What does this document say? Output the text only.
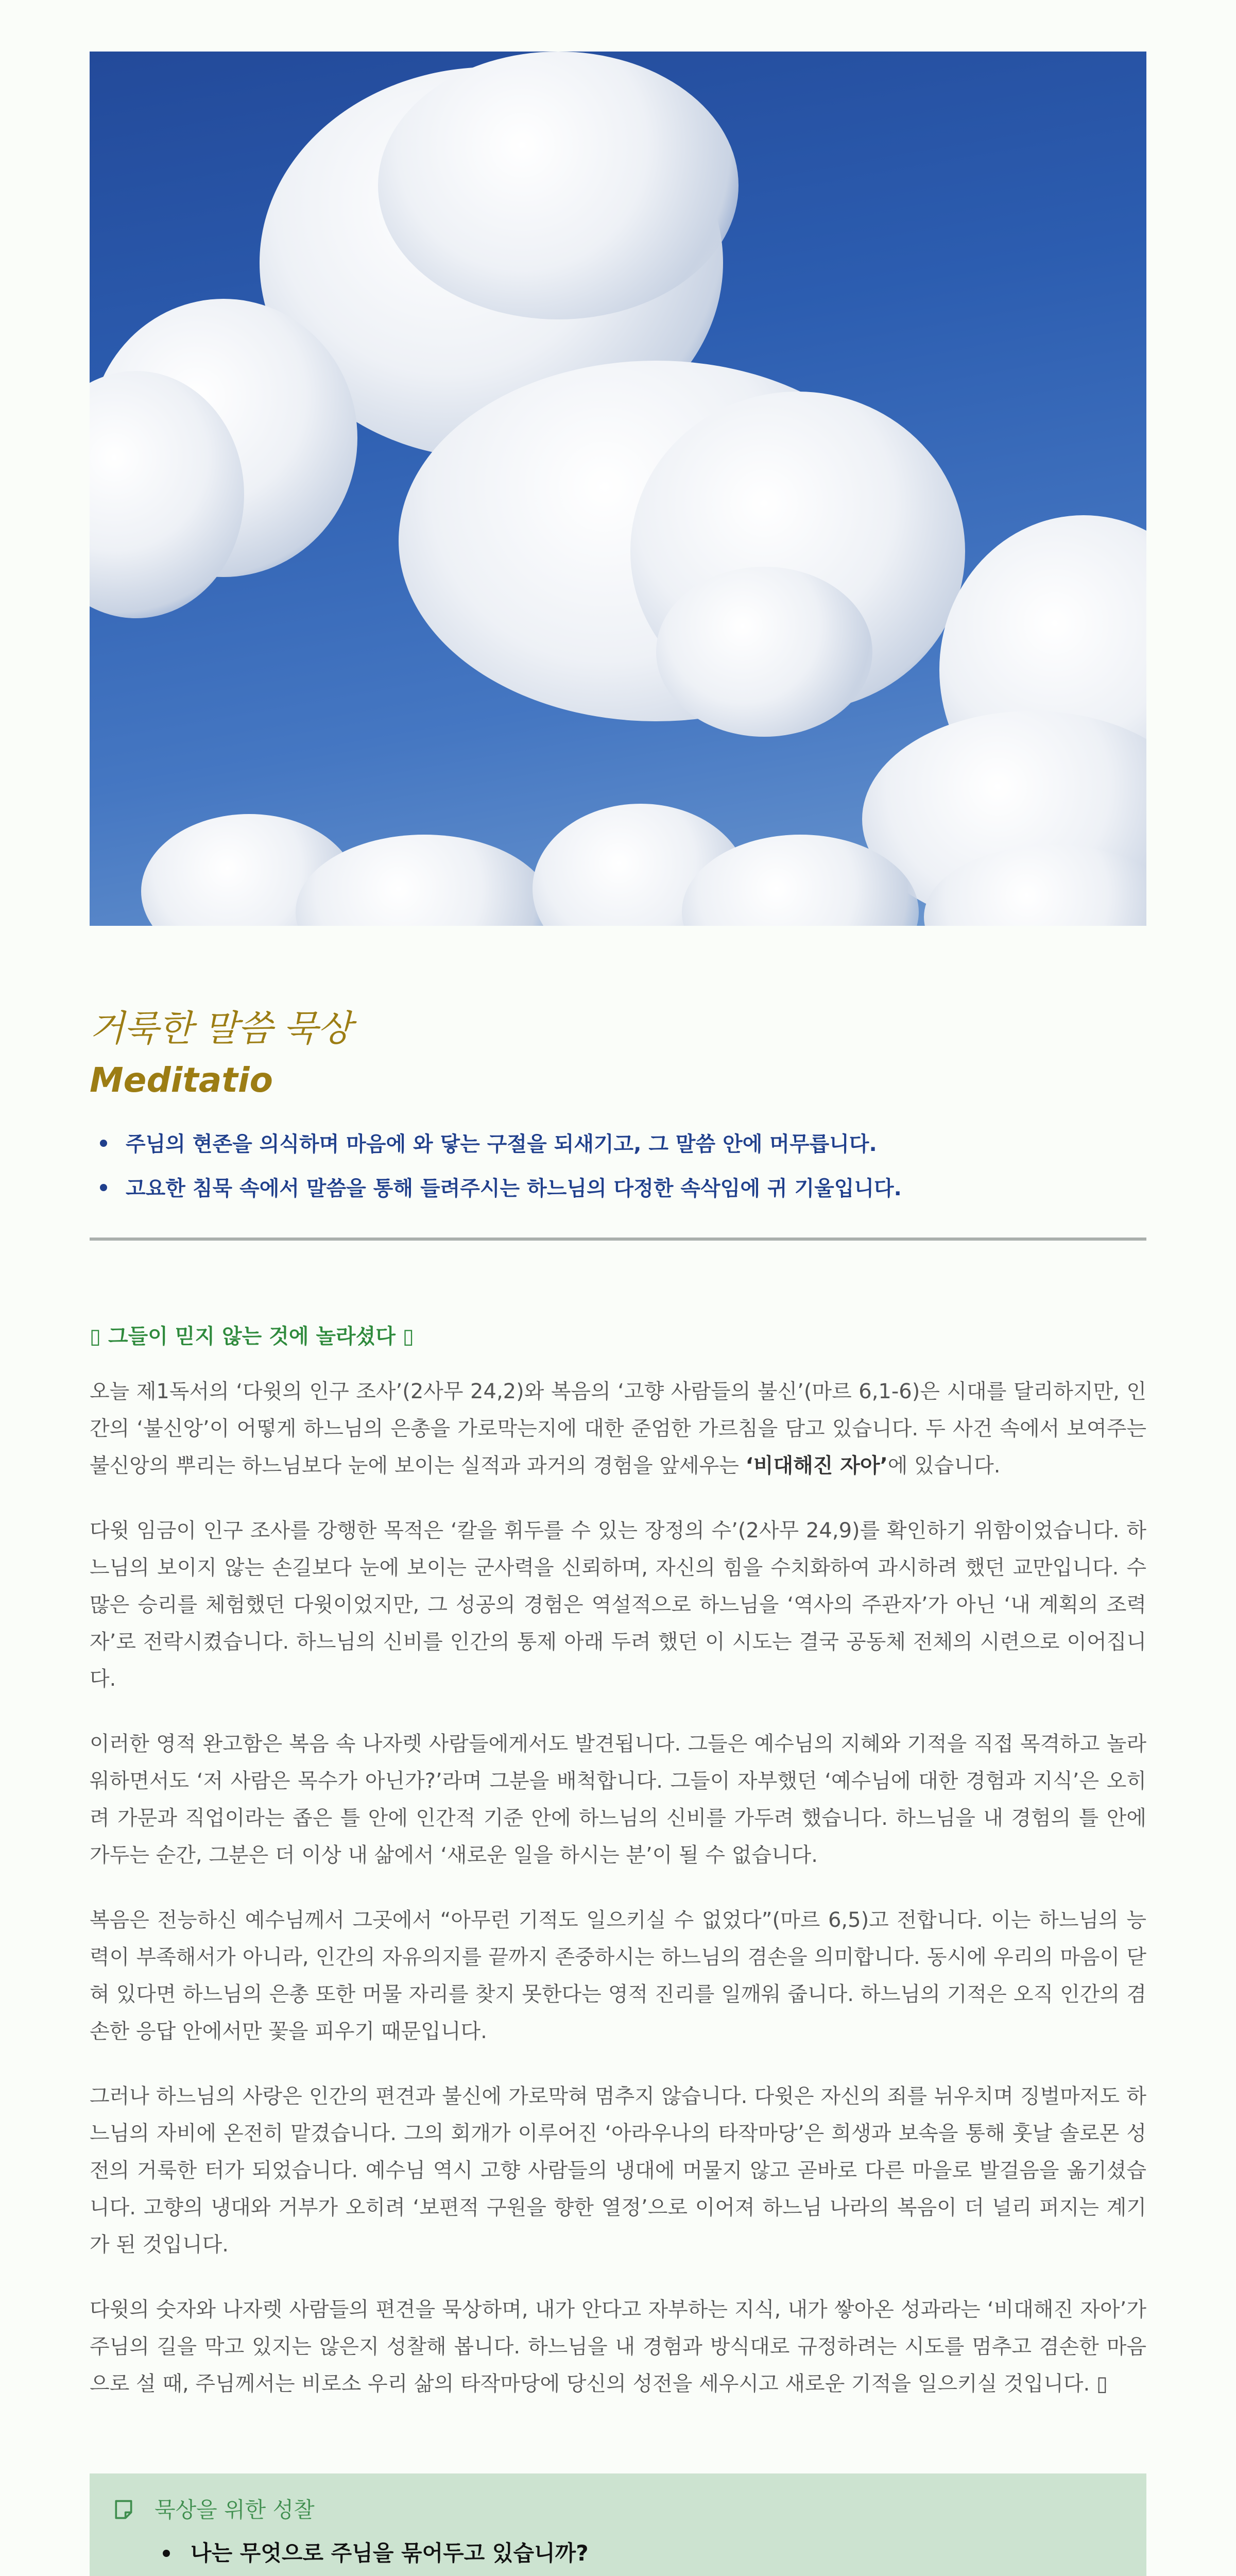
거룩한 말씀 묵상
Meditatio
주님의 현존을 의식하며 마음에 와 닿는 구절을 되새기고, 그 말씀 안에 머무릅니다.
고요한 침묵 속에서 말씀을 통해 들려주시는 하느님의 다정한 속삭임에 귀 기울입니다.
▯ 그들이 믿지 않는 것에 놀라셨다 ▯

오늘 제1독서의 ‘다윗의 인구 조사’(2사무 24,2)와 복음의 ‘고향 사람들의 불신’(마르 6,1-6)은 시대를 달리하지만, 인간의 ‘불신앙’이 어떻게 하느님의 은총을 가로막는지에 대한 준엄한 가르침을 담고 있습니다. 두 사건 속에서 보여주는 불신앙의 뿌리는 하느님보다 눈에 보이는 실적과 과거의 경험을 앞세우는 ‘비대해진 자아’에 있습니다.

다윗 임금이 인구 조사를 강행한 목적은 ‘칼을 휘두를 수 있는 장정의 수’(2사무 24,9)를 확인하기 위함이었습니다. 하느님의 보이지 않는 손길보다 눈에 보이는 군사력을 신뢰하며, 자신의 힘을 수치화하여 과시하려 했던 교만입니다. 수많은 승리를 체험했던 다윗이었지만, 그 성공의 경험은 역설적으로 하느님을 ‘역사의 주관자’가 아닌 ‘내 계획의 조력자’로 전락시켰습니다. 하느님의 신비를 인간의 통제 아래 두려 했던 이 시도는 결국 공동체 전체의 시련으로 이어집니다.

이러한 영적 완고함은 복음 속 나자렛 사람들에게서도 발견됩니다. 그들은 예수님의 지혜와 기적을 직접 목격하고 놀라워하면서도 ‘저 사람은 목수가 아닌가?’라며 그분을 배척합니다. 그들이 자부했던 ‘예수님에 대한 경험과 지식’은 오히려 가문과 직업이라는 좁은 틀 안에 인간적 기준 안에 하느님의 신비를 가두려 했습니다. 하느님을 내 경험의 틀 안에 가두는 순간, 그분은 더 이상 내 삶에서 ‘새로운 일을 하시는 분’이 될 수 없습니다.

복음은 전능하신 예수님께서 그곳에서 “아무런 기적도 일으키실 수 없었다”(마르 6,5)고 전합니다. 이는 하느님의 능력이 부족해서가 아니라, 인간의 자유의지를 끝까지 존중하시는 하느님의 겸손을 의미합니다. 동시에 우리의 마음이 닫혀 있다면 하느님의 은총 또한 머물 자리를 찾지 못한다는 영적 진리를 일깨워 줍니다. 하느님의 기적은 오직 인간의 겸손한 응답 안에서만 꽃을 피우기 때문입니다.

그러나 하느님의 사랑은 인간의 편견과 불신에 가로막혀 멈추지 않습니다. 다윗은 자신의 죄를 뉘우치며 징벌마저도 하느님의 자비에 온전히 맡겼습니다. 그의 회개가 이루어진 ‘아라우나의 타작마당’은 희생과 보속을 통해 훗날 솔로몬 성전의 거룩한 터가 되었습니다. 예수님 역시 고향 사람들의 냉대에 머물지 않고 곧바로 다른 마을로 발걸음을 옮기셨습니다. 고향의 냉대와 거부가 오히려 ‘보편적 구원을 향한 열정’으로 이어져 하느님 나라의 복음이 더 널리 퍼지는 계기가 된 것입니다.

다윗의 숫자와 나자렛 사람들의 편견을 묵상하며, 내가 안다고 자부하는 지식, 내가 쌓아온 성과라는 ‘비대해진 자아’가 주님의 길을 막고 있지는 않은지 성찰해 봅니다. 하느님을 내 경험과 방식대로 규정하려는 시도를 멈추고 겸손한 마음으로 설 때, 주님께서는 비로소 우리 삶의 타작마당에 당신의 성전을 세우시고 새로운 기적을 일으키실 것입니다. ▯

묵상을 위한 성찰
나는 무엇으로 주님을 묶어두고 있습니까?
